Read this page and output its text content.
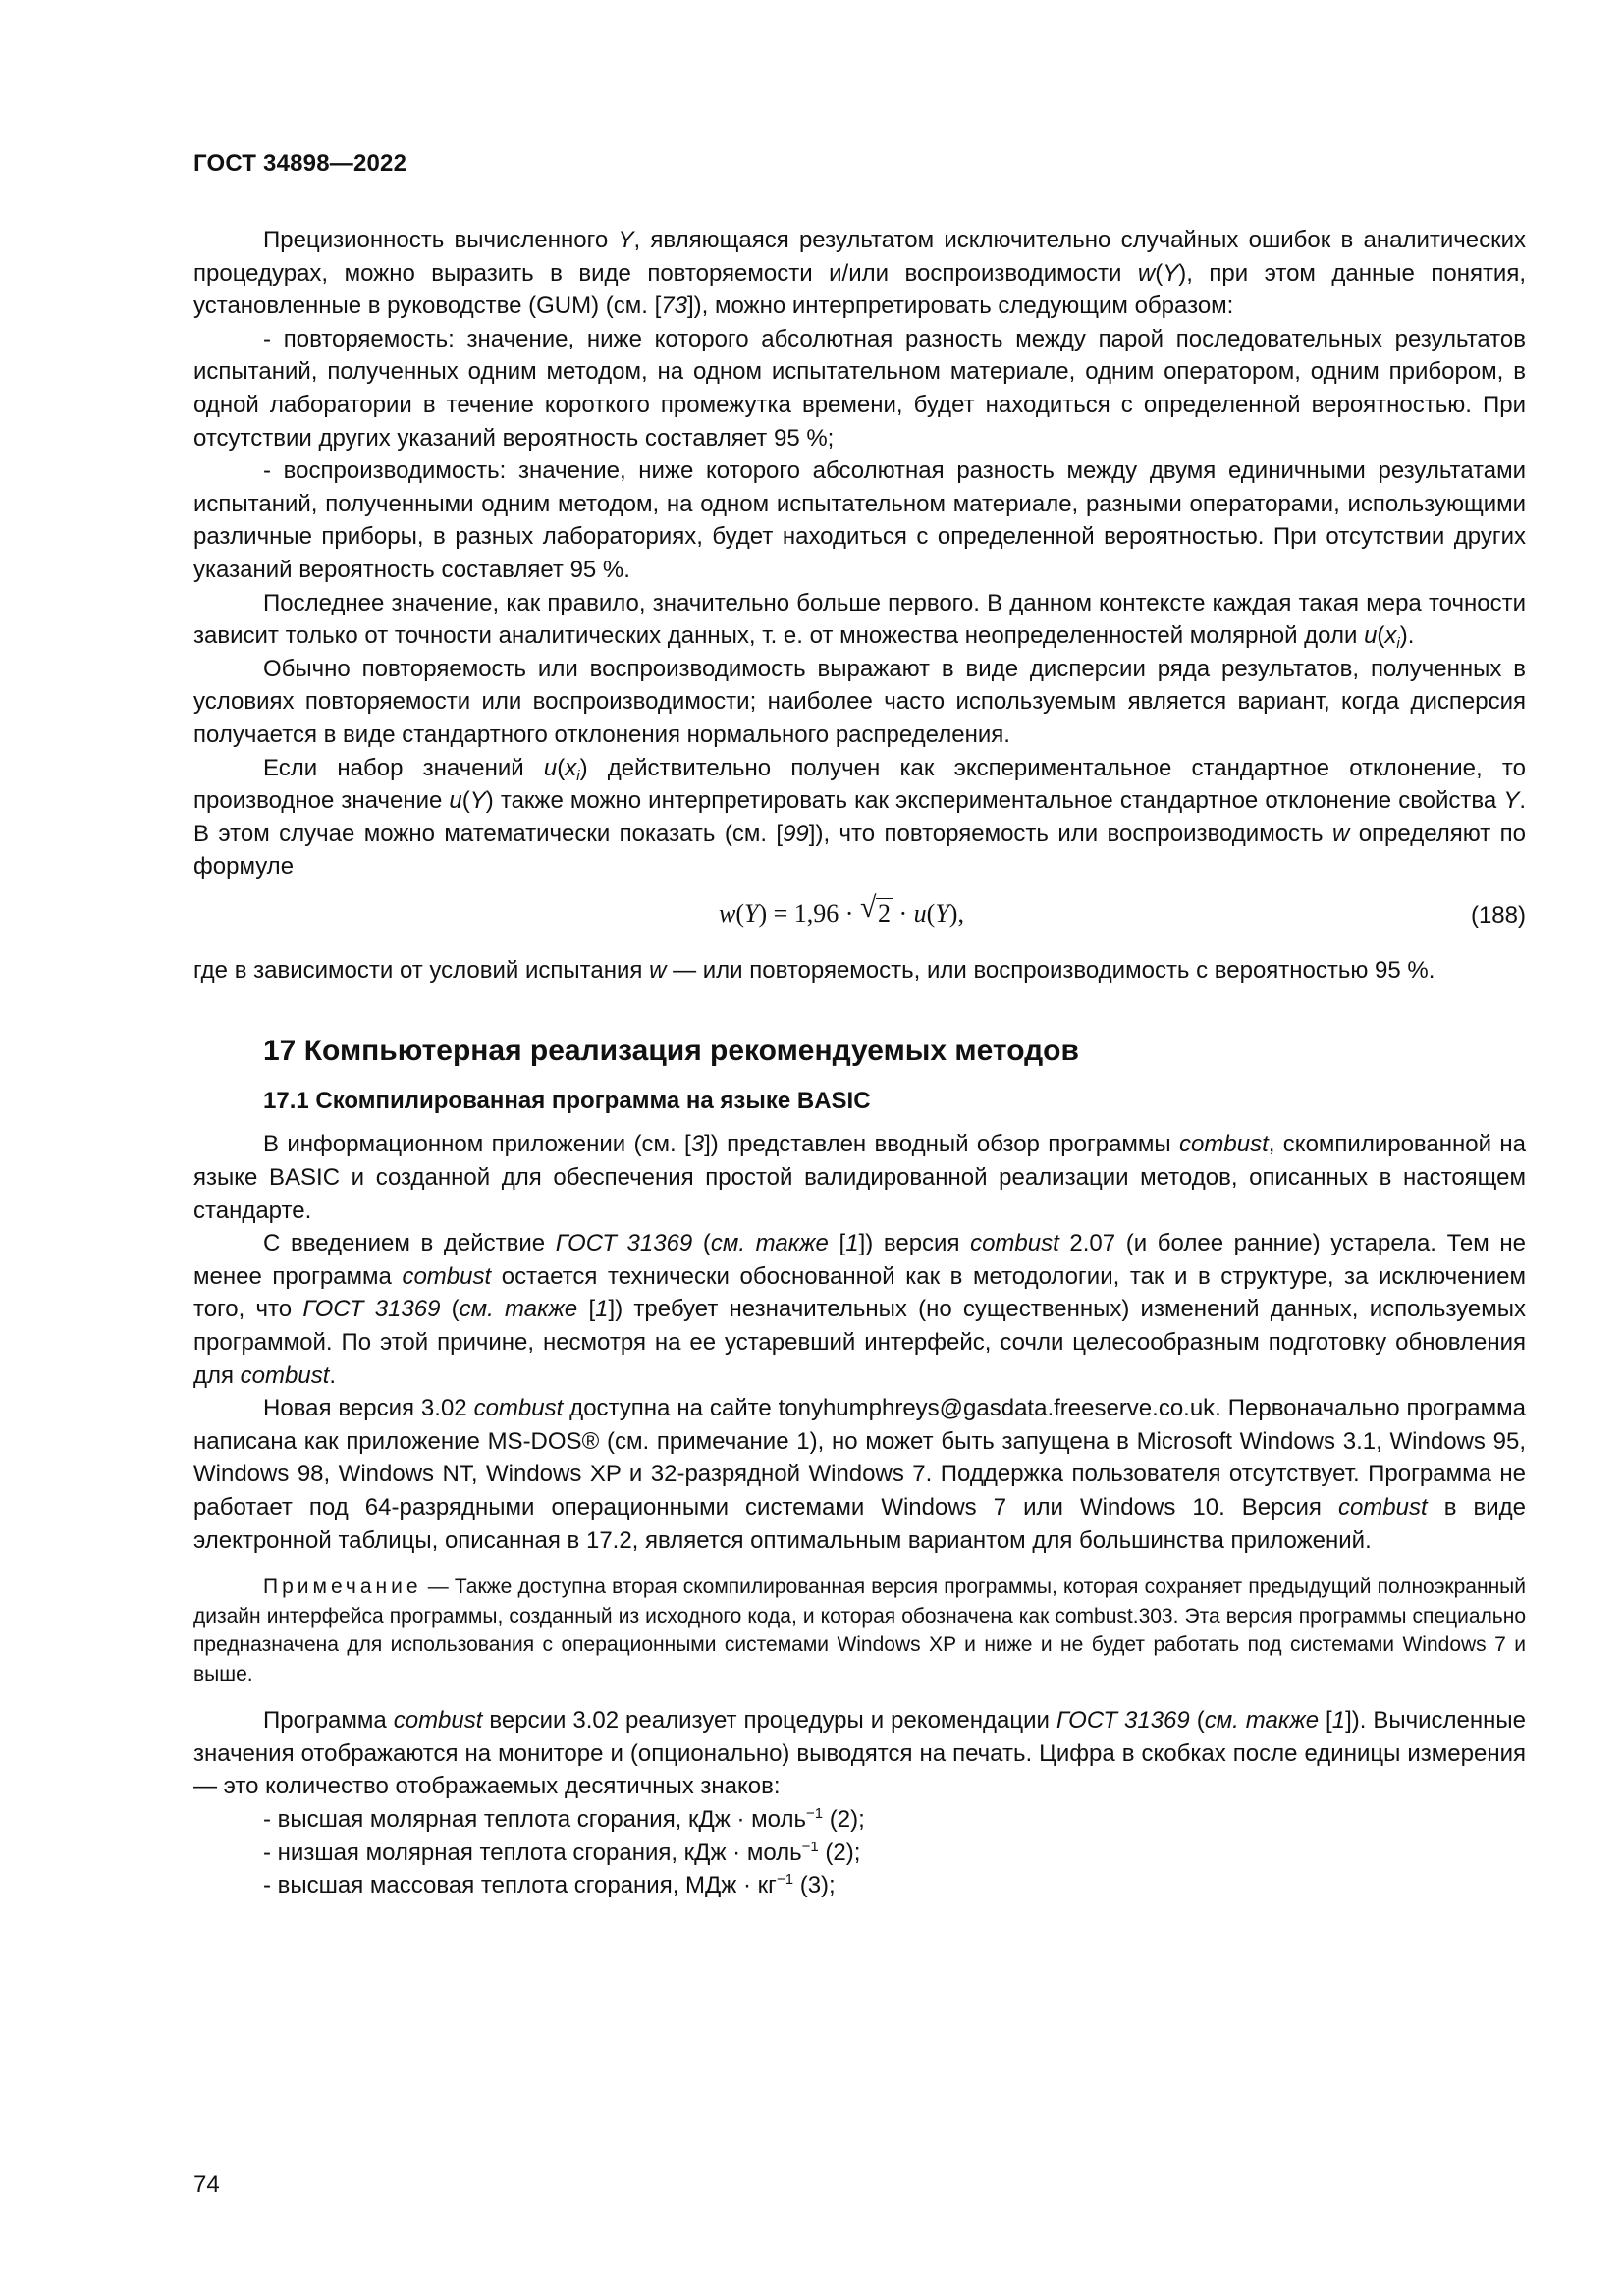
ГОСТ 34898—2022

Прецизионность вычисленного Y, являющаяся результатом исключительно случайных ошибок в аналитических процедурах, можно выразить в виде повторяемости и/или воспроизводимости w(Y), при этом данные понятия, установленные в руководстве (GUM) (см. [73]), можно интерпретировать следующим образом:

- повторяемость: значение, ниже которого абсолютная разность между парой последовательных результатов испытаний, полученных одним методом, на одном испытательном материале, одним оператором, одним прибором, в одной лаборатории в течение короткого промежутка времени, будет находиться с определенной вероятностью. При отсутствии других указаний вероятность составляет 95 %;

- воспроизводимость: значение, ниже которого абсолютная разность между двумя единичными результатами испытаний, полученными одним методом, на одном испытательном материале, разными операторами, использующими различные приборы, в разных лабораториях, будет находиться с определенной вероятностью. При отсутствии других указаний вероятность составляет 95 %.

Последнее значение, как правило, значительно больше первого. В данном контексте каждая такая мера точности зависит только от точности аналитических данных, т. е. от множества неопределенностей молярной доли $u(x_i)$.

Обычно повторяемость или воспроизводимость выражают в виде дисперсии ряда результатов, полученных в условиях повторяемости или воспроизводимости; наиболее часто используемым является вариант, когда дисперсия получается в виде стандартного отклонения нормального распределения.

Если набор значений $u(x_i)$ действительно получен как экспериментальное стандартное отклонение, то производное значение u(Y) также можно интерпретировать как экспериментальное стандартное отклонение свойства Y. В этом случае можно математически показать (см. [99]), что повторяемость или воспроизводимость w определяют по формуле

w(Y) = 1,96 · √ 2 · u(Y),	(188)

где в зависимости от условий испытания w — или повторяемость, или воспроизводимость с вероятностью 95 %.

17 Компьютерная реализация рекомендуемых методов
17.1 Скомпилированная программа на языке BASIC

В информационном приложении (см. [3]) представлен вводный обзор программы combust, скомпилированной на языке BASIC и созданной для обеспечения простой валидированной реализации методов, описанных в настоящем стандарте.

С введением в действие ГОСТ 31369 (см. также [1]) версия combust 2.07 (и более ранние) устарела. Тем не менее программа combust остается технически обоснованной как в методологии, так и в структуре, за исключением того, что ГОСТ 31369 (см. также [1]) требует незначительных (но существенных) изменений данных, используемых программой. По этой причине, несмотря на ее устаревший интерфейс, сочли целесообразным подготовку обновления для combust.

Новая версия 3.02 combust доступна на сайте tonyhumphreys@gasdata.freeserve.co.uk. Первоначально программа написана как приложение MS-DOS® (см. примечание 1), но может быть запущена в Microsoft Windows 3.1, Windows 95, Windows 98, Windows NT, Windows XP и 32-разрядной Windows 7. Поддержка пользователя отсутствует. Программа не работает под 64-разрядными операционными системами Windows 7 или Windows 10. Версия combust в виде электронной таблицы, описанная в 17.2, является оптимальным вариантом для большинства приложений.

Примечание — Также доступна вторая скомпилированная версия программы, которая сохраняет предыдущий полноэкранный дизайн интерфейса программы, созданный из исходного кода, и которая обозначена как combust.303. Эта версия программы специально предназначена для использования с операционными системами Windows XP и ниже и не будет работать под системами Windows 7 и выше.

Программа combust версии 3.02 реализует процедуры и рекомендации ГОСТ 31369 (см. также [1]). Вычисленные значения отображаются на мониторе и (опционально) выводятся на печать. Цифра в скобках после единицы измерения — это количество отображаемых десятичных знаков:

- высшая молярная теплота сгорания, кДж · моль$^{-1}$ (2);

- низшая молярная теплота сгорания, кДж · моль$^{-1}$ (2);

- высшая массовая теплота сгорания, МДж · $кг^{-1}$ (3);

74
